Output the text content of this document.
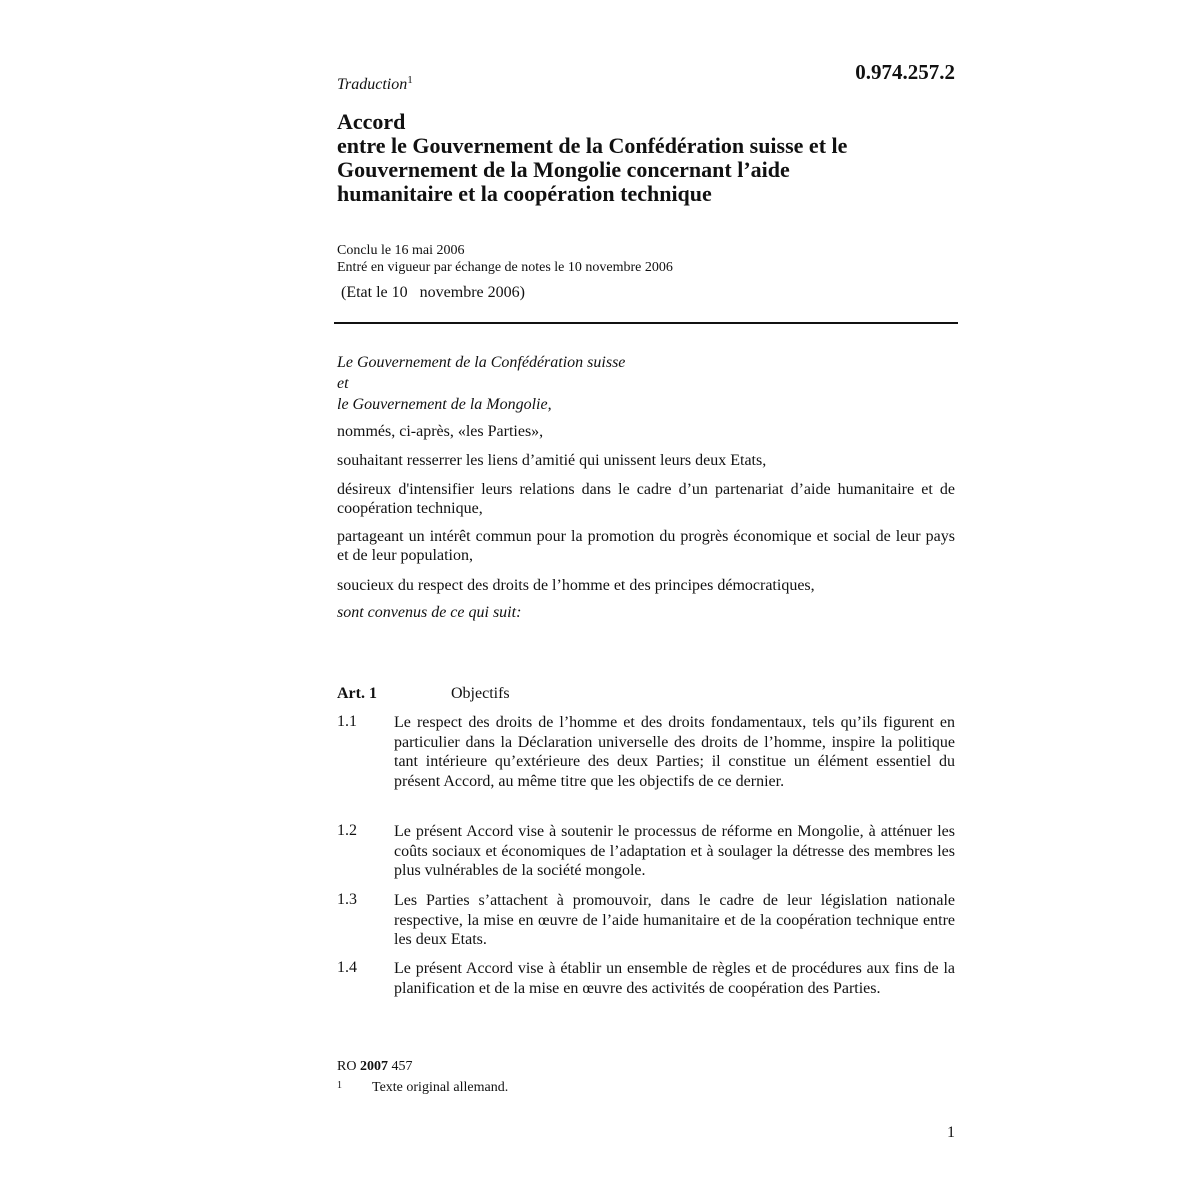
Traduction$^1$	0.974.257.2
Accord
entre le Gouvernement de la Confédération suisse et le
Gouvernement de la Mongolie concernant l’aide
humanitaire et la coopération technique
Conclu le 16 mai 2006
Entré en vigueur par échange de notes le 10 novembre 2006
(Etat le 10   novembre 2006)
Le Gouvernement de la Confédération suisse
et
le Gouvernement de la Mongolie,
nommés, ci-après, «les Parties»,
souhaitant resserrer les liens d’amitié qui unissent leurs deux Etats,
désireux d'intensifier leurs relations dans le cadre d’un partenariat d’aide humanitaire et de coopération technique,
partageant un intérêt commun pour la promotion du progrès économique et social de leur pays et de leur population,
soucieux du respect des droits de l’homme et des principes démocratiques,
sont convenus de ce qui suit:
Art. 1	Objectifs
1.1 Le respect des droits de l’homme et des droits fondamentaux, tels qu’ils figurent en particulier dans la Déclaration universelle des droits de l’homme, inspire la politique tant intérieure qu’extérieure des deux Parties; il constitue un élément essentiel du présent Accord, au même titre que les objectifs de ce dernier.
1.2 Le présent Accord vise à soutenir le processus de réforme en Mongolie, à atténuer les coûts sociaux et économiques de l’adaptation et à soulager la détresse des membres les plus vulnérables de la société mongole.
1.3 Les Parties s’attachent à promouvoir, dans le cadre de leur législation nationale respective, la mise en œuvre de l’aide humanitaire et de la coopération technique entre les deux Etats.
1.4 Le présent Accord vise à établir un ensemble de règles et de procédures aux fins de la planification et de la mise en œuvre des activités de coopération des Parties.
RO 2007 457
1 Texte original allemand.
1
